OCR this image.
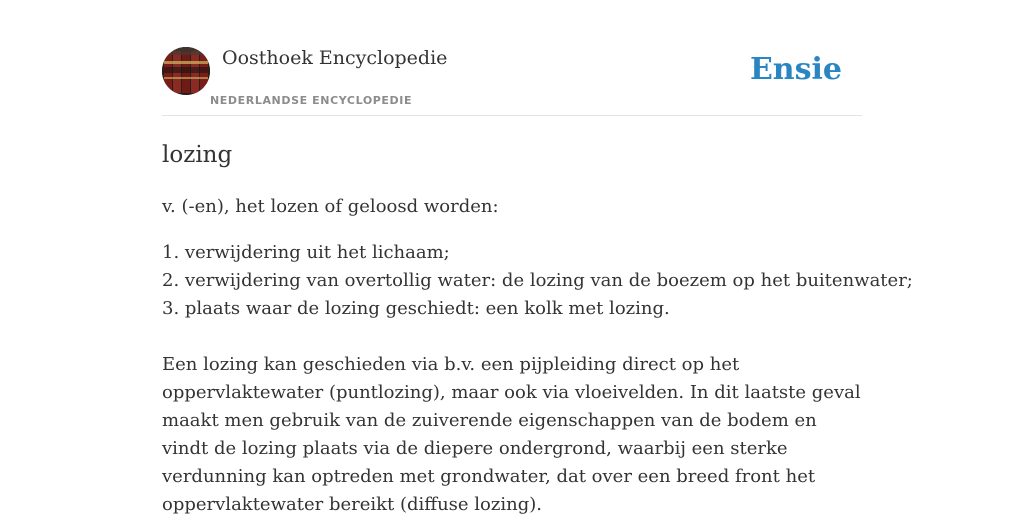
Oosthoek Encyclopedie
NEDERLANDSE ENCYCLOPEDIE
Ensie
lozing

v. (-en), het lozen of geloosd worden:

1. verwijdering uit het lichaam;
2. verwijdering van overtollig water: de lozing van de boezem op het buitenwater;
3. plaats waar de lozing geschiedt: een kolk met lozing.

Een lozing kan geschieden via b.v. een pijpleiding direct op het oppervlaktewater (puntlozing), maar ook via vloeivelden. In dit laatste geval maakt men gebruik van de zuiverende eigenschappen van de bodem en vindt de lozing plaats via de diepere ondergrond, waarbij een sterke verdunning kan optreden met grondwater, dat over een breed front het oppervlaktewater bereikt (diffuse lozing).
